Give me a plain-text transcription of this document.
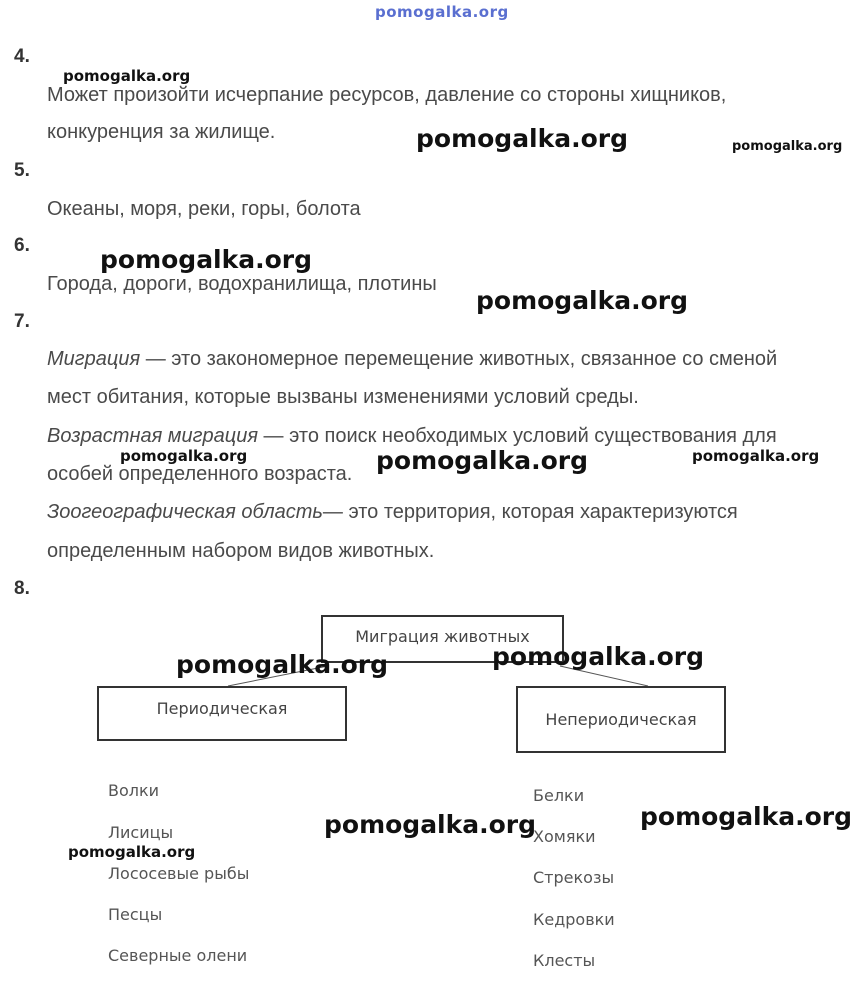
pomogalka.org
4.
Может произойти исчерпание ресурсов, давление со стороны хищников,
конкуренция за жилище.
5.
Океаны, моря, реки, горы, болота
6.
Города, дороги, водохранилища, плотины
7.
Миграция — это закономерное перемещение животных, связанное со сменой
мест обитания, которые вызваны изменениями условий среды.
Возрастная миграция — это поиск необходимых условий существования для
особей определенного возраста.
Зоогеографическая область— это территория, которая характеризуются
определенным набором видов животных.
8.
Миграция животных
Периодическая
Непериодическая
Волки
Лисицы
Лососевые рыбы
Песцы
Северные олени
Белки
Хомяки
Стрекозы
Кедровки
Клесты
pomogalka.org
pomogalka.org	pomogalka.org
pomogalka.org
pomogalka.org
pomogalka.org	pomogalka.org	pomogalka.org
pomogalka.org	pomogalka.org
pomogalka.org	pomogalka.org
pomogalka.org
